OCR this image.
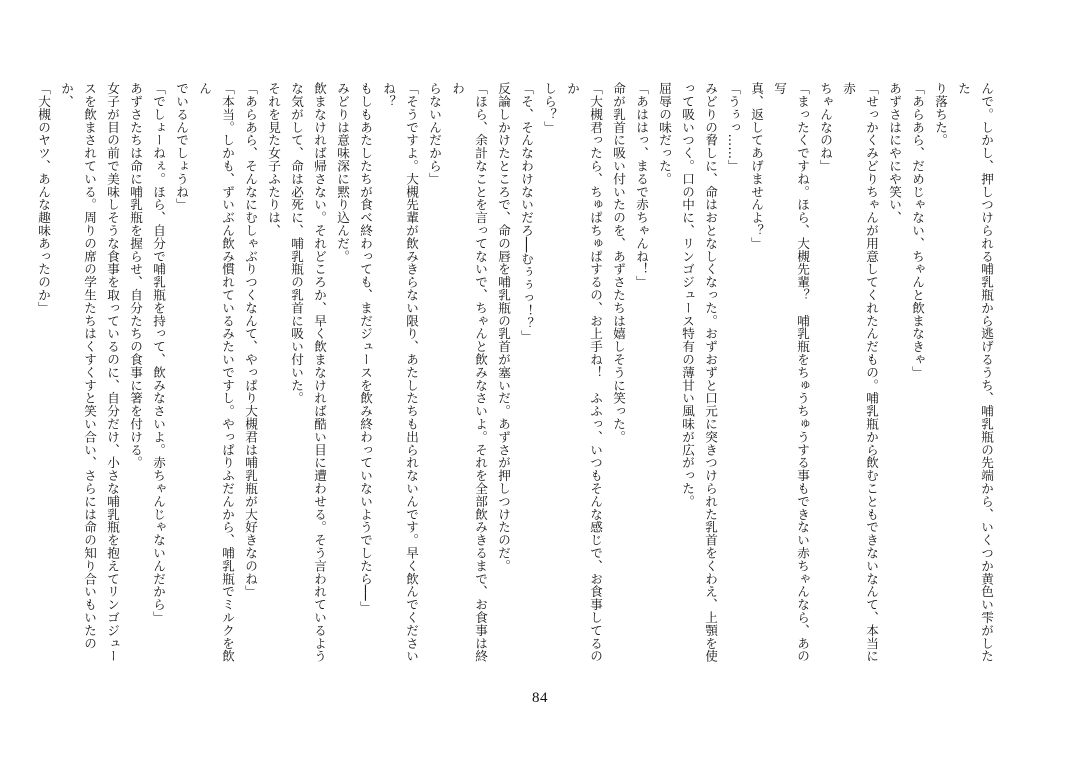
んで。しかし、押しつけられる哺乳瓶から逃げるうち、哺乳瓶の先端から、いくつか黄色い雫がしたた

り落ちた。

「あらあら、だめじゃない、ちゃんと飲まなきゃ」

あずさはにやにや笑い、

「せっかくみどりちゃんが用意してくれたんだもの。哺乳瓶から飲むこともできないなんて、本当に赤

ちゃんなのね」

「まったくですね。ほら、大槻先輩？　哺乳瓶をちゅうちゅうする事もできない赤ちゃんなら、あの写

真、返してあげませんよ？」

「うぅっ……」

みどりの脅しに、命はおとなしくなった。おずおずと口元に突きつけられた乳首をくわえ、上顎を使

って吸いつく。口の中に、リンゴジュース特有の薄甘い風味が広がった。

屈辱の味だった。

「あははっ、まるで赤ちゃんね！」

命が乳首に吸い付いたのを、あずさたちは嬉しそうに笑った。

「大槻君ったら、ちゅぱちゅぱするの、お上手ね！　ふふっ、いつもそんな感じで、お食事してるのか

しら？」

「そ、そんなわけないだろ──むぅぅっ！？」

反論しかけたところで、命の唇を哺乳瓶の乳首が塞いだ。あずさが押しつけたのだ。

「ほら、余計なことを言ってないで、ちゃんと飲みなさいよ。それを全部飲みきるまで、お食事は終わ

らないんだから」

「そうですよ。大槻先輩が飲みきらない限り、あたしたちも出られないんです。早く飲んでくださいね？

もしもあたしたちが食べ終わっても、まだジュースを飲み終わっていないようでしたら──」

みどりは意味深に黙り込んだ。

飲まなければ帰さない。それどころか、早く飲まなければ酷い目に遭わせる。そう言われているよう

な気がして、命は必死に、哺乳瓶の乳首に吸い付いた。

それを見た女子ふたりは、

「あらあら、そんなにむしゃぶりつくなんて、やっぱり大槻君は哺乳瓶が大好きなのね」

「本当。しかも、ずいぶん飲み慣れているみたいですし。やっぱりふだんから、哺乳瓶でミルクを飲ん

でいるんでしょうね」

「でしょーねぇ。ほら、自分で哺乳瓶を持って、飲みなさいよ。赤ちゃんじゃないんだから」

あずさたちは命に哺乳瓶を握らせ、自分たちの食事に箸を付ける。

女子が目の前で美味しそうな食事を取っているのに、自分だけ、小さな哺乳瓶を抱えてリンゴジュー

スを飲まされている。周りの席の学生たちはくすくすと笑い合い、さらには命の知り合いもいたのか、

「大槻のヤツ、あんな趣味あったのか」

84
